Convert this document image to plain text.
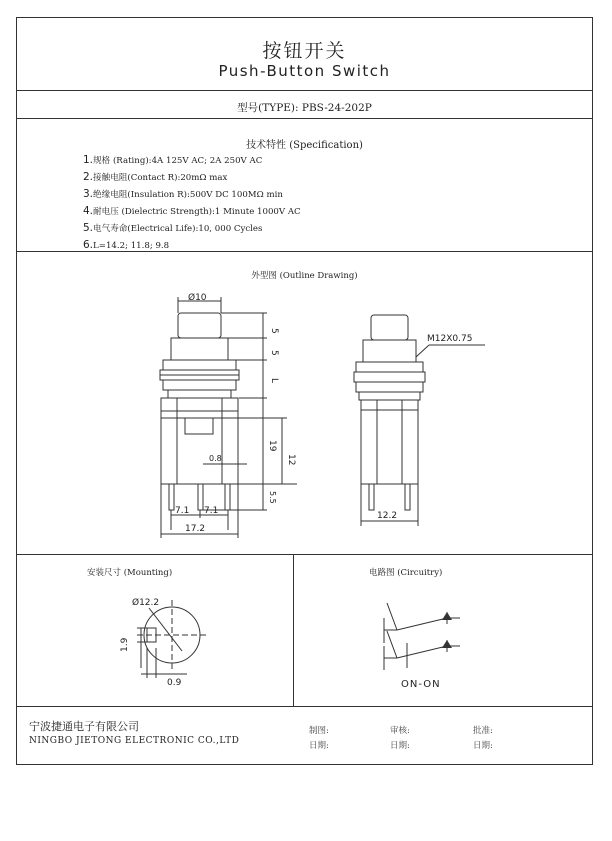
按钮开关
Push-Button Switch
型号(TYPE): PBS-24-202P
技术特性 (Specification)
1.规格 (Rating):4A 125V AC; 2A 250V AC
2.接触电阻(Contact R):20mΩ max
3.绝缘电阻(Insulation R):500V DC 100MΩ min
4.耐电压 (Dielectric Strength):1 Minute 1000V AC
5.电气寿命(Electrical Life):10, 000 Cycles
6.L=14.2; 11.8; 9.8
外型图 (Outline Drawing)
Ø10
5
5
L
19
12
0.8
5.5
7.1 7.1
17.2
M12X0.75
12.2
Ø12.2
1.9
0.9
安装尺寸 (Mounting)	电路图 (Circuitry)
ON-ON
宁波捷通电子有限公司
NINGBO JIETONG ELECTRONIC CO.,LTD
制图:	审核:	批准:
日期:	日期:	日期:
